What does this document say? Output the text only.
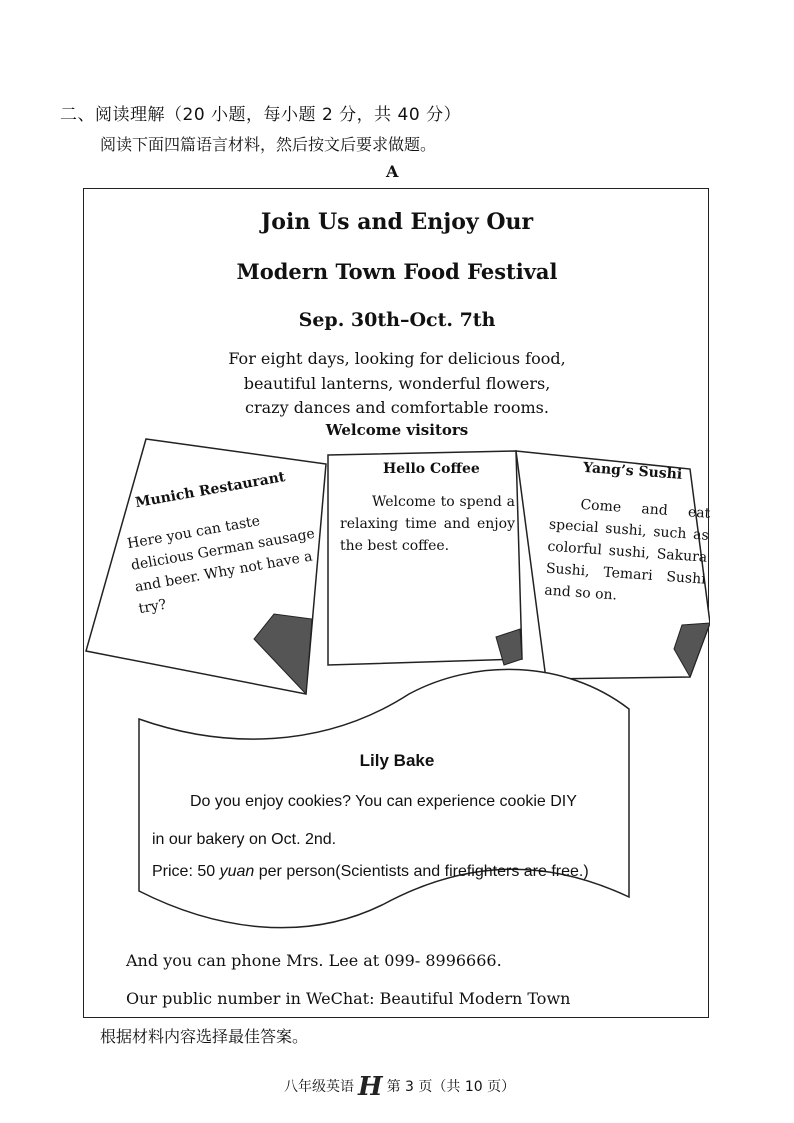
二、阅读理解（20 小题，每小题 2 分，共 40 分）
阅读下面四篇语言材料，然后按文后要求做题。
A
Join Us and Enjoy Our
Modern Town Food Festival
Sep. 30th–Oct. 7th
For eight days, looking for delicious food,
beautiful lanterns, wonderful flowers,
crazy dances and comfortable rooms.
Welcome visitors
Munich Restaurant
Here you can taste delicious German sausage and beer. Why not have a try?
Hello Coffee
Welcome to spend a relaxing time and enjoy the best coffee.
Yang’s Sushi
Come and eat special sushi, such as colorful sushi, Sakura Sushi, Temari Sushi and so on.
Lily Bake
Do you enjoy cookies? You can experience cookie DIY
in our bakery on Oct. 2nd.
Price: 50 yuan per person(Scientists and firefighters are free.)
And you can phone Mrs. Lee at 099- 8996666.
Our public number in WeChat: Beautiful Modern Town
根据材料内容选择最佳答案。
八年级英语 H 第 3 页（共 10 页）
